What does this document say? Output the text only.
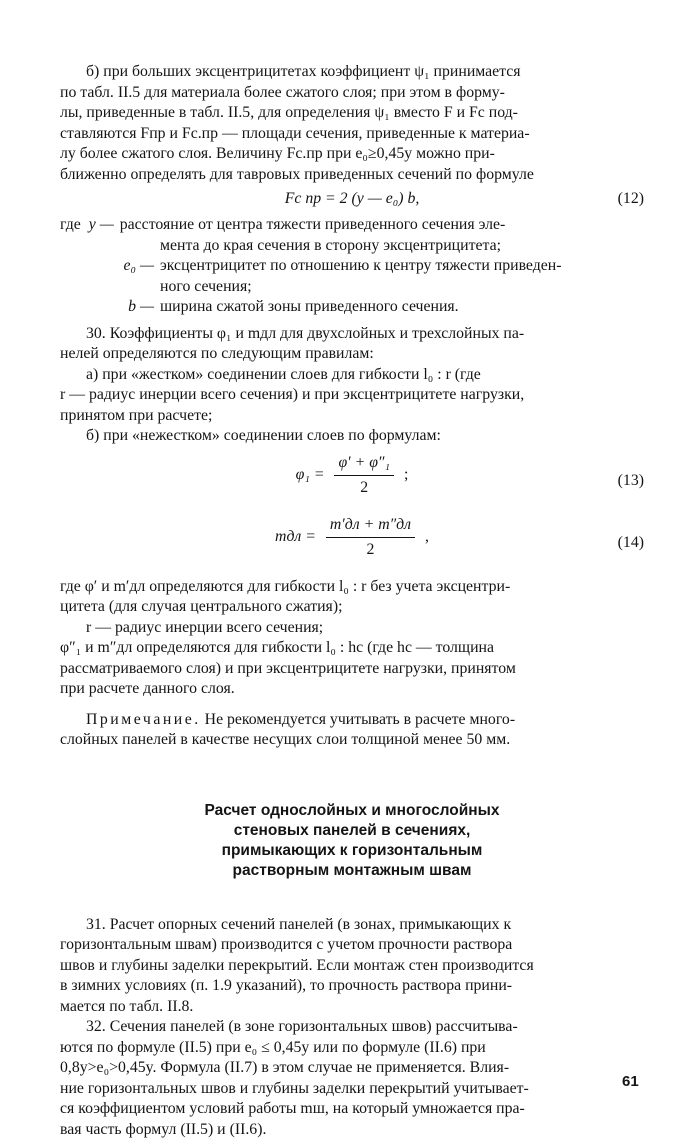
б) при больших эксцентрицитетах коэффициент ψ₁ принимается

по табл. II.5 для материала более сжатого слоя; при этом в форму-

лы, приведенные в табл. II.5, для определения ψ₁ вместо F и Fс под-

ставляются Fпр и Fс.пр — площади сечения, приведенные к материа-

лу более сжатого слоя. Величину Fс.пр при e₀≥0,45y можно при-

ближенно определять для тавровых приведенных сечений по формуле

Fс пр = 2 (y — e₀) b,	(12)
где y — расстояние от центра тяжести приведенного сечения эле-

мента до края сечения в сторону эксцентрицитета;

e₀ — эксцентрицитет по отношению к центру тяжести приведен-

ного сечения;

b — ширина сжатой зоны приведенного сечения.

30. Коэффициенты φ₁ и mдл для двухслойных и трехслойных па-

нелей определяются по следующим правилам:

а) при «жестком» соединении слоев для гибкости l₀ : r (где

r — радиус инерции всего сечения) и при эксцентрицитете нагрузки,

принятом при расчете;

б) при «нежестком» соединении слоев по формулам:

$\varphi_1 = \frac{\text{φ′ + φ″₁}}{2}$ ;	(13)
mдл =
m′дл + m″дл
2
,	(14)

где φ′ и m′дл определяются для гибкости l₀ : r без учета эксцентри-

цитета (для случая центрального сжатия);

r — радиус инерции всего сечения;

φ″₁ и m″дл определяются для гибкости l₀ : hс (где hс — толщина

рассматриваемого слоя) и при эксцентрицитете нагрузки, принятом

при расчете данного слоя.

Примечание. Не рекомендуется учитывать в расчете много-

слойных панелей в качестве несущих слои толщиной менее 50 мм.

Расчет однослойных и многослойных
стеновых панелей в сечениях,
примыкающих к горизонтальным
растворным монтажным швам

31. Расчет опорных сечений панелей (в зонах, примыкающих к

горизонтальным швам) производится с учетом прочности раствора

швов и глубины заделки перекрытий. Если монтаж стен производится

в зимних условиях (п. 1.9 указаний), то прочность раствора прини-

мается по табл. II.8.

32. Сечения панелей (в зоне горизонтальных швов) рассчитыва-

ются по формуле (II.5) при e₀ ≤ 0,45y или по формуле (II.6) при

0,8y>e₀>0,45y. Формула (II.7) в этом случае не применяется. Влия-

ние горизонтальных швов и глубины заделки перекрытий учитывает-

ся коэффициентом условий работы mш, на который умножается пра-

вая часть формул (II.5) и (II.6).

61
